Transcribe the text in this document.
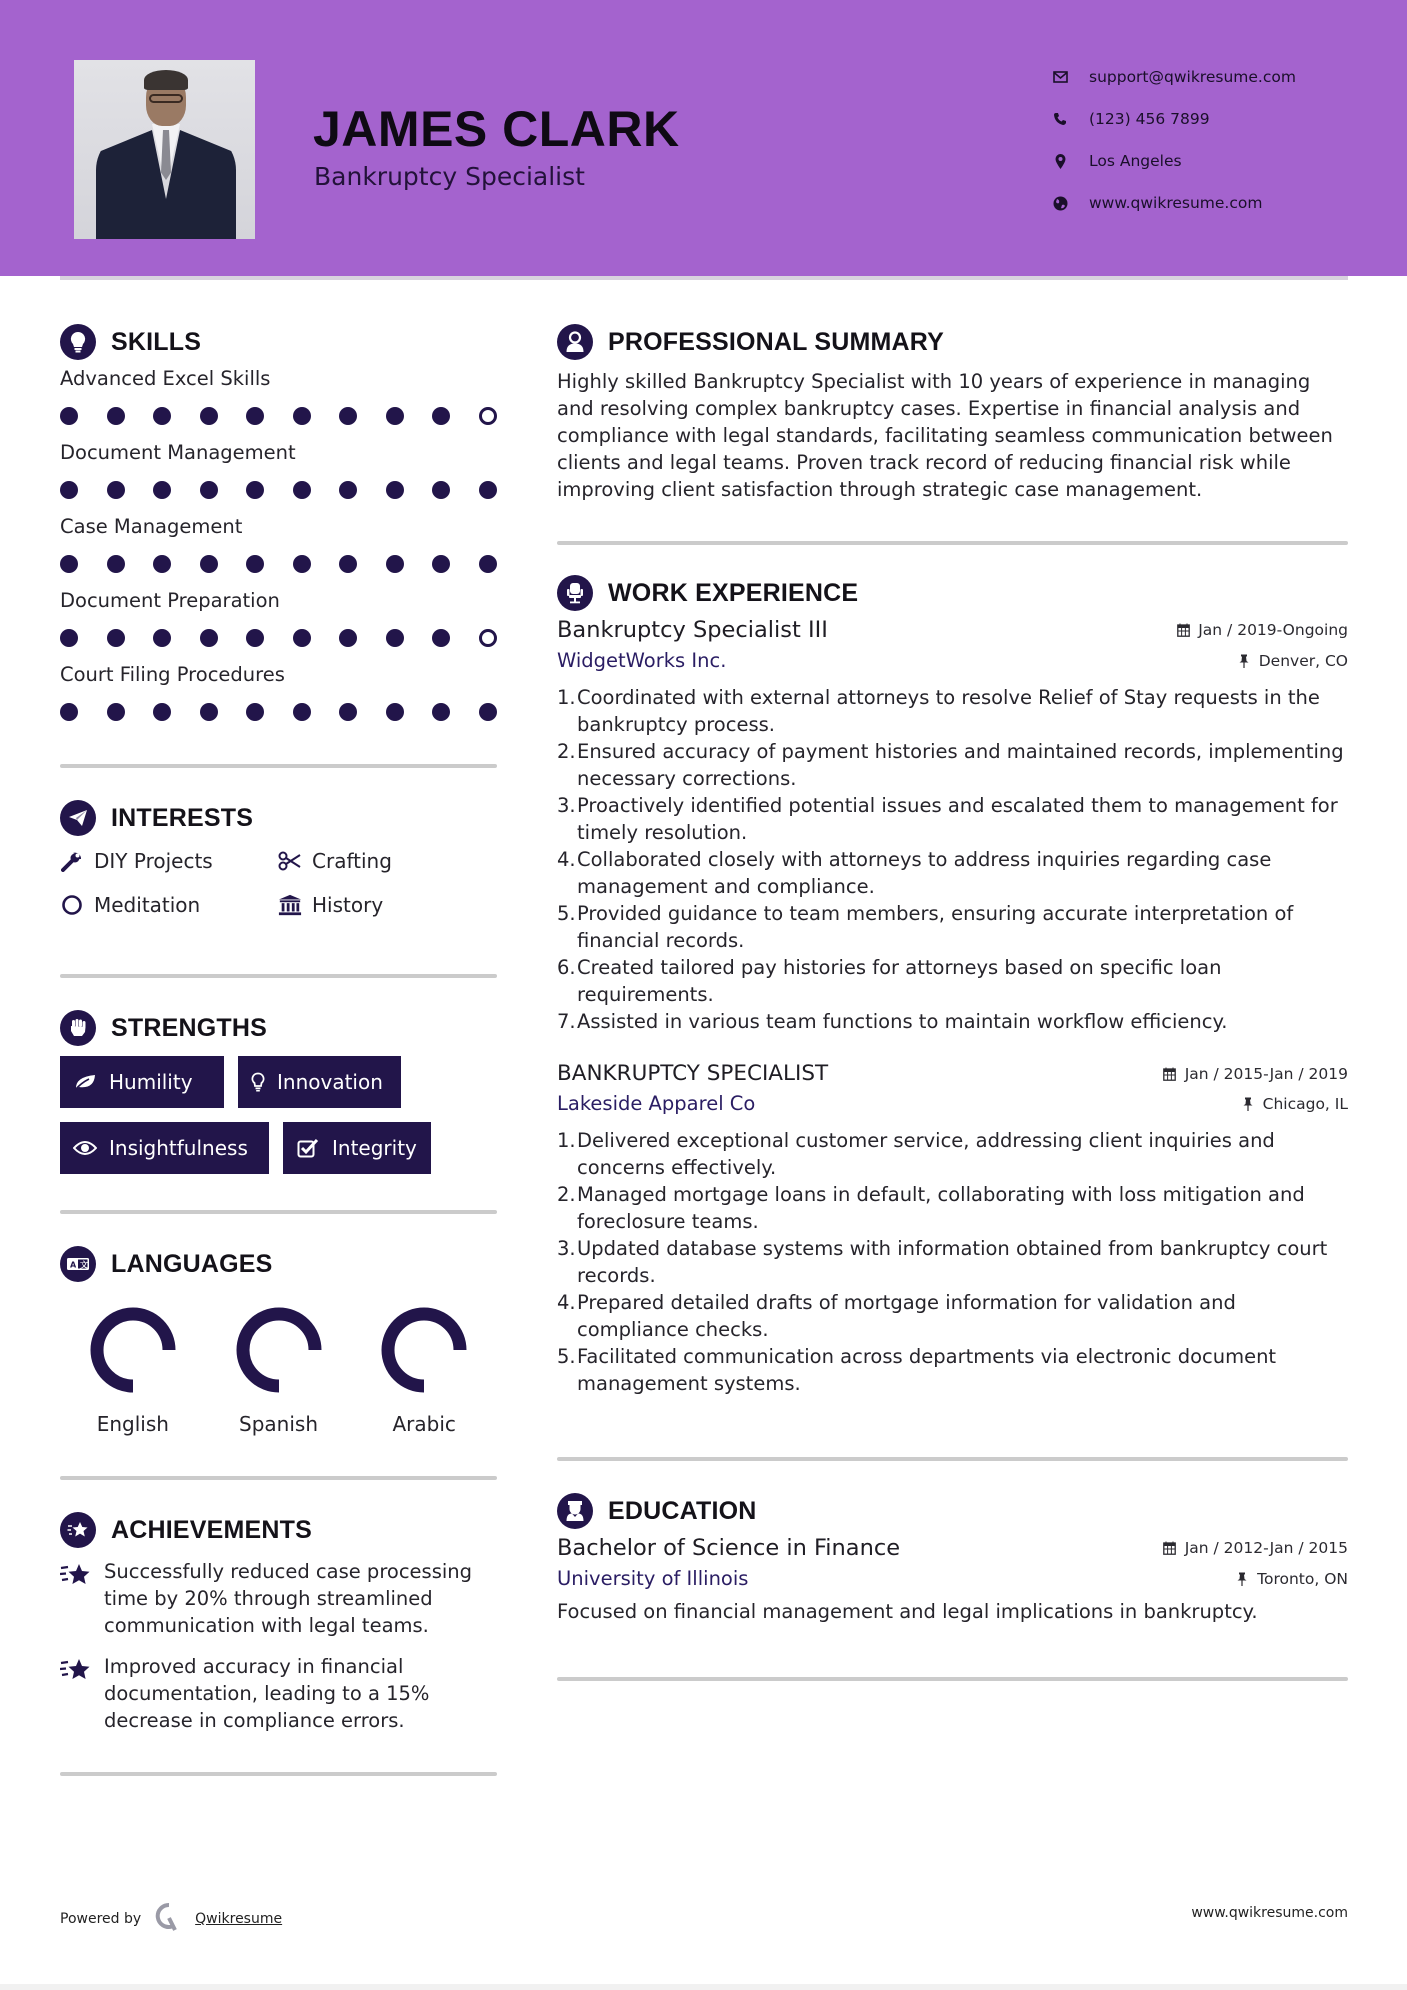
JAMES CLARK
Bankruptcy Specialist
support@qwikresume.com
(123) 456 7899
Los Angeles
www.qwikresume.com
SKILLS
Advanced Excel Skills
Document Management
Case Management
Document Preparation
Court Filing Procedures
INTERESTS
DIY Projects	Crafting
Meditation	History
STRENGTHS
Humility	Innovation
Insightfulness	Integrity
A 文 LANGUAGES
English	Spanish	Arabic
ACHIEVEMENTS
Successfully reduced case processing time by 20% through streamlined communication with legal teams.
Improved accuracy in financial documentation, leading to a 15% decrease in compliance errors.
PROFESSIONAL SUMMARY

Highly skilled Bankruptcy Specialist with 10 years of experience in managing and resolving complex bankruptcy cases. Expertise in financial analysis and compliance with legal standards, facilitating seamless communication between clients and legal teams. Proven track record of reducing financial risk while improving client satisfaction through strategic case management.

WORK EXPERIENCE
Bankruptcy Specialist III	Jan / 2019-Ongoing
WidgetWorks Inc.	Denver, CO
1. Coordinated with external attorneys to resolve Relief of Stay requests in the bankruptcy process.
2. Ensured accuracy of payment histories and maintained records, implementing necessary corrections.
3. Proactively identified potential issues and escalated them to management for timely resolution.
4. Collaborated closely with attorneys to address inquiries regarding case management and compliance.
5. Provided guidance to team members, ensuring accurate interpretation of financial records.
6. Created tailored pay histories for attorneys based on specific loan requirements.
7. Assisted in various team functions to maintain workflow efficiency.
BANKRUPTCY SPECIALIST	Jan / 2015-Jan / 2019
Lakeside Apparel Co	Chicago, IL
1. Delivered exceptional customer service, addressing client inquiries and concerns effectively.
2. Managed mortgage loans in default, collaborating with loss mitigation and foreclosure teams.
3. Updated database systems with information obtained from bankruptcy court records.
4. Prepared detailed drafts of mortgage information for validation and compliance checks.
5. Facilitated communication across departments via electronic document management systems.
EDUCATION
Bachelor of Science in Finance	Jan / 2012-Jan / 2015
University of Illinois	Toronto, ON

Focused on financial management and legal implications in bankruptcy.

Powered by	Qwikresume	www.qwikresume.com
